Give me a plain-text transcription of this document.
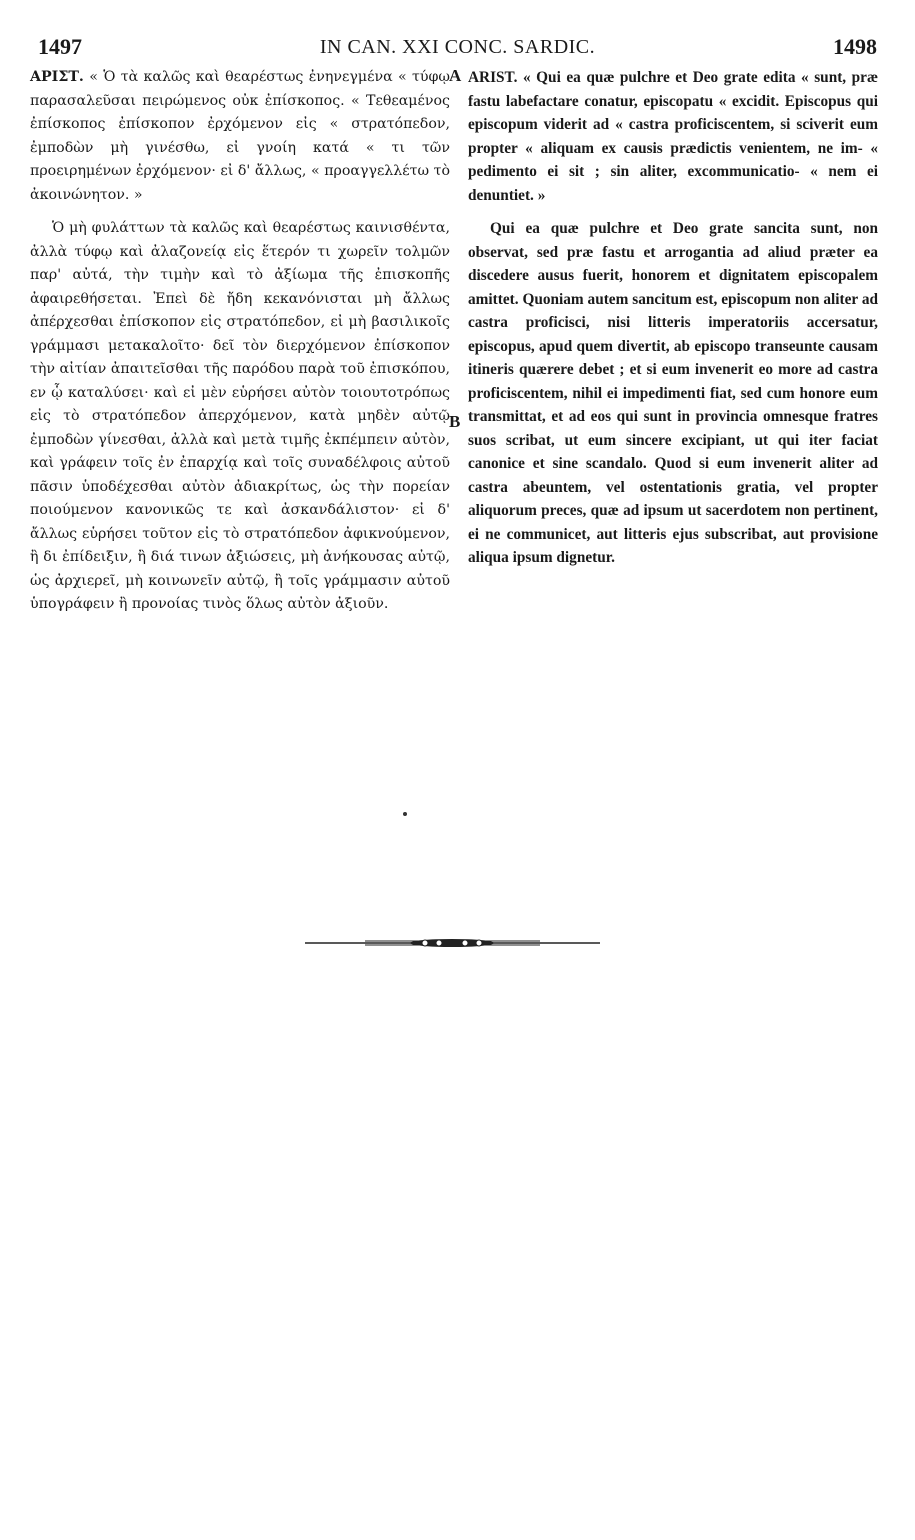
1497	IN CAN. XXI CONC. SARDIC.	1498
A
B

ΑΡΙΣΤ. « Ὁ τὰ καλῶς καὶ θεαρέστως ἐνηνεγμένα « τύφῳ παρασαλεῦσαι πειρώμενος οὐκ ἐπίσκοπος. « Τεθεαμένος ἐπίσκοπος ἐπίσκοπον ἐρχόμενον εἰς « στρατόπεδον, ἐμποδὼν μὴ γινέσθω, εἰ γνοίη κατά « τι τῶν προειρημένων ἐρχόμενον· εἰ δ' ἄλλως, « προαγγελλέτω τὸ ἀκοινώνητον. »

Ὁ μὴ φυλάττων τὰ καλῶς καὶ θεαρέστως καινισθέντα, ἀλλὰ τύφῳ καὶ ἀλαζονείᾳ εἰς ἕτερόν τι χωρεῖν τολμῶν παρ' αὐτά, τὴν τιμὴν καὶ τὸ ἀξίωμα τῆς ἐπισκοπῆς ἀφαιρεθήσεται. Ἐπεὶ δὲ ἤδη κεκανόνισται μὴ ἄλλως ἀπέρχεσθαι ἐπίσκοπον εἰς στρατόπεδον, εἰ μὴ βασιλικοῖς γράμμασι μετακαλοῖτο· δεῖ τὸν διερχόμενον ἐπίσκοπον τὴν αἰτίαν ἀπαιτεῖσθαι τῆς παρόδου παρὰ τοῦ ἐπισκόπου, εν ᾧ καταλύσει· καὶ εἰ μὲν εὑρήσει αὐτὸν τοιουτοτρόπως εἰς τὸ στρατόπεδον ἀπερχόμενον, κατὰ μηδὲν αὐτῷ ἐμποδὼν γίνεσθαι, ἀλλὰ καὶ μετὰ τιμῆς ἐκπέμπειν αὐτὸν, καὶ γράφειν τοῖς ἐν ἐπαρχίᾳ καὶ τοῖς συναδέλφοις αὐτοῦ πᾶσιν ὑποδέχεσθαι αὐτὸν ἀδιακρίτως, ὡς τὴν πορείαν ποιούμενον κανονικῶς τε καὶ ἀσκανδάλιστον· εἰ δ' ἄλλως εὑρήσει τοῦτον εἰς τὸ στρατόπεδον ἀφικνούμενον, ἢ δι ἐπίδειξιν, ἢ διά τινων ἀξιώσεις, μὴ ἀνήκουσας αὐτῷ, ὡς ἀρχιερεῖ, μὴ κοινωνεῖν αὐτῷ, ἢ τοῖς γράμμασιν αὐτοῦ ὑπογράφειν ἢ προνοίας τινὸς ὅλως αὐτὸν ἀξιοῦν.

ARIST. « Qui ea quæ pulchre et Deo grate edita « sunt, præ fastu labefactare conatur, episcopatu « excidit. Episcopus qui episcopum viderit ad « castra proficiscentem, si sciverit eum propter « aliquam ex causis prædictis venientem, ne im- « pedimento ei sit ; sin aliter, excommunicatio- « nem ei denuntiet. »

Qui ea quæ pulchre et Deo grate sancita sunt, non observat, sed præ fastu et arrogantia ad aliud præter ea discedere ausus fuerit, honorem et dignitatem episcopalem amittet. Quoniam autem sancitum est, episcopum non aliter ad castra proficisci, nisi litteris imperatoriis accersatur, episcopus, apud quem divertit, ab episcopo transeunte causam itineris quærere debet ; et si eum invenerit eo more ad castra proficiscentem, nihil ei impedimenti fiat, sed cum honore eum transmittat, et ad eos qui sunt in provincia omnesque fratres suos scribat, ut eum sincere excipiant, ut qui iter faciat canonice et sine scandalo. Quod si eum invenerit aliter ad castra abeuntem, vel ostentationis gratia, vel propter aliquorum preces, quæ ad ipsum ut sacerdotem non pertinent, ei ne communicet, aut litteris ejus subscribat, aut provisione aliqua ipsum dignetur.
